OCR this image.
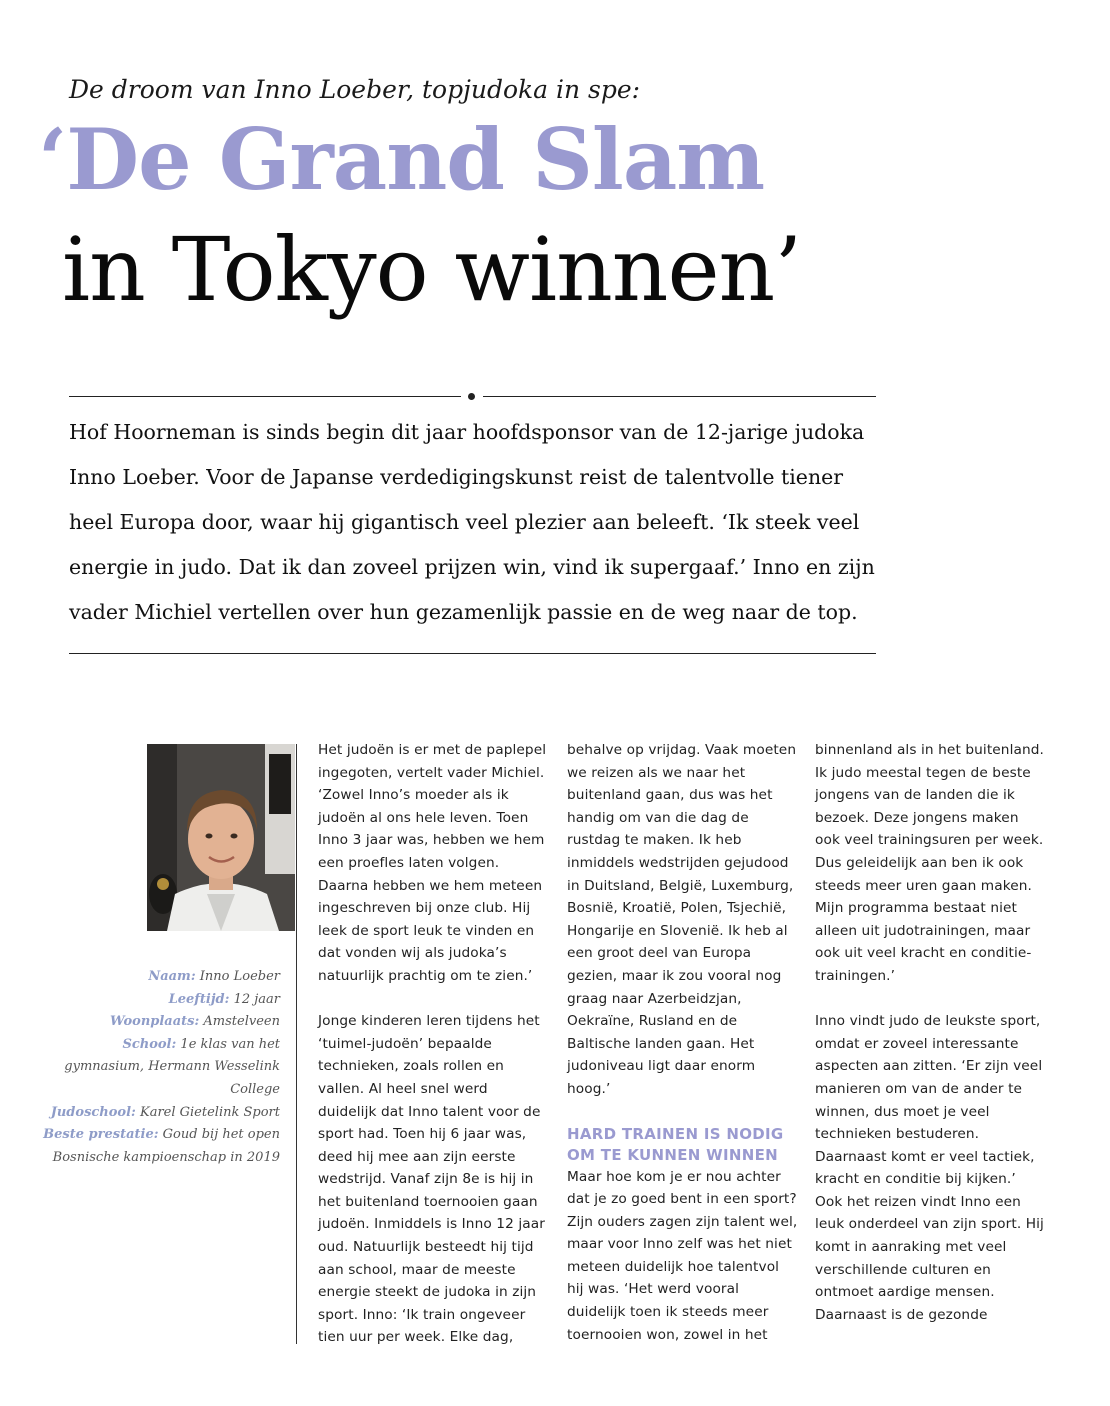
De droom van Inno Loeber, topjudoka in spe:
‘De Grand Slam
in Tokyo winnen’

Hof Hoorneman is sinds begin dit jaar hoofdsponsor van de 12-jarige judoka Inno Loeber. Voor de Japanse verdedigingskunst reist de talentvolle tiener heel Europa door, waar hij gigantisch veel plezier aan beleeft. ‘Ik steek veel energie in judo. Dat ik dan zoveel prijzen win, vind ik supergaaf.’ Inno en zijn vader Michiel vertellen over hun gezamenlijk passie en de weg naar de top.

Naam: Inno Loeber
Leeftijd: 12 jaar
Woonplaats: Amstelveen
School: 1e klas van het gymnasium, Hermann Wesselink College
Judoschool: Karel Gietelink Sport
Beste prestatie: Goud bij het open Bosnische kampioenschap in 2019

Het judoën is er met de paplepel ingegoten, vertelt vader Michiel. ‘Zowel Inno’s moeder als ik judoën al ons hele leven. Toen Inno 3 jaar was, hebben we hem een proefles laten volgen. Daarna hebben we hem meteen ingeschreven bij onze club. Hij leek de sport leuk te vinden en dat vonden wij als judoka’s natuurlijk prachtig om te zien.’

Jonge kinderen leren tijdens het ‘tuimel-judoën’ bepaalde technieken, zoals rollen en vallen. Al heel snel werd duidelijk dat Inno talent voor de sport had. Toen hij 6 jaar was, deed hij mee aan zijn eerste wedstrijd. Vanaf zijn 8e is hij in het buitenland toernooien gaan judoën. Inmiddels is Inno 12 jaar oud. Natuurlijk besteedt hij tijd aan school, maar de meeste energie steekt de judoka in zijn sport. Inno: ‘Ik train ongeveer tien uur per week. Elke dag,

behalve op vrijdag. Vaak moeten we reizen als we naar het buitenland gaan, dus was het handig om van die dag de rustdag te maken. Ik heb inmiddels wedstrijden gejudood in Duitsland, België, Luxemburg, Bosnië, Kroatië, Polen, Tsjechië, Hongarije en Slovenië. Ik heb al een groot deel van Europa gezien, maar ik zou vooral nog graag naar Azerbeidzjan, Oekraïne, Rusland en de Baltische landen gaan. Het judoniveau ligt daar enorm hoog.’

HARD TRAINEN IS NODIG OM TE KUNNEN WINNEN

Maar hoe kom je er nou achter dat je zo goed bent in een sport? Zijn ouders zagen zijn talent wel, maar voor Inno zelf was het niet meteen duidelijk hoe talentvol hij was. ‘Het werd vooral duidelijk toen ik steeds meer toernooien won, zowel in het

binnenland als in het buitenland. Ik judo meestal tegen de beste jongens van de landen die ik bezoek. Deze jongens maken ook veel trainingsuren per week. Dus geleidelijk aan ben ik ook steeds meer uren gaan maken. Mijn programma bestaat niet alleen uit judotrainingen, maar ook uit veel kracht en conditie-trainingen.’

Inno vindt judo de leukste sport, omdat er zoveel interessante aspecten aan zitten. ‘Er zijn veel manieren om van de ander te winnen, dus moet je veel technieken bestuderen. Daarnaast komt er veel tactiek, kracht en conditie bij kijken.’ Ook het reizen vindt Inno een leuk onderdeel van zijn sport. Hij komt in aanraking met veel verschillende culturen en ontmoet aardige mensen. Daarnaast is de gezonde
